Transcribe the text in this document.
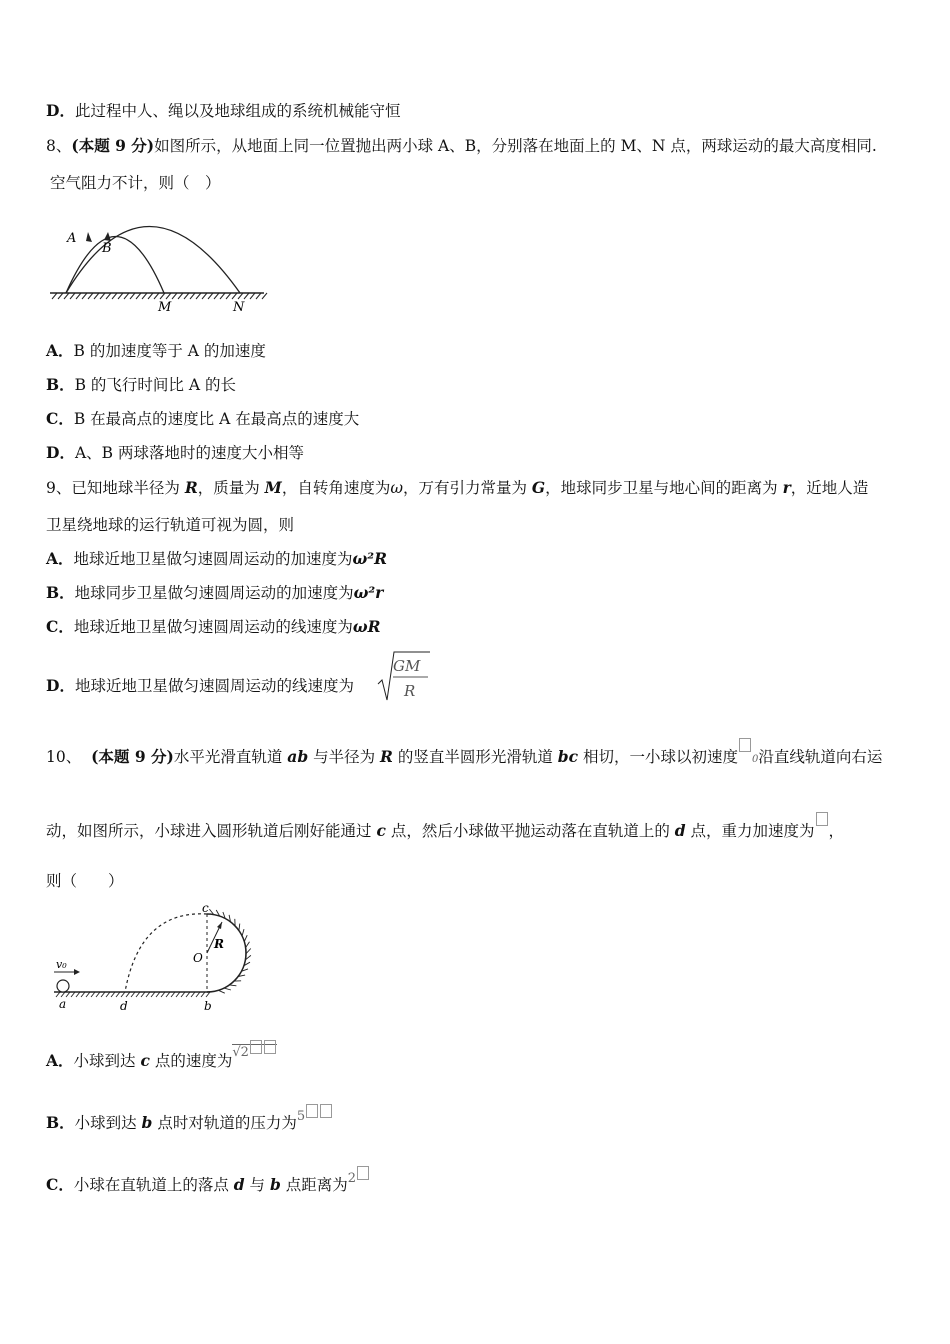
D．此过程中人、绳以及地球组成的系统机械能守恒
8、(本题 9 分)如图所示，从地面上同一位置抛出两小球 A、B，分别落在地面上的 M、N 点，两球运动的最大高度相同.
空气阻力不计，则（　）
A
B
M	N
A．B 的加速度等于 A 的加速度
B．B 的飞行时间比 A 的长
C．B 在最高点的速度比 A 在最高点的速度大
D．A、B 两球落地时的速度大小相等
9、已知地球半径为 R，质量为 M，自转角速度为ω，万有引力常量为 G，地球同步卫星与地心间的距离为 r，近地人造
卫星绕地球的运行轨道可视为圆，则
A．地球近地卫星做匀速圆周运动的加速度为ω²R
B．地球同步卫星做匀速圆周运动的加速度为ω²r
C．地球近地卫星做匀速圆周运动的线速度为ωR
D．地球近地卫星做匀速圆周运动的线速度为
GM
R
10、 (本题 9 分)水平光滑直轨道 ab 与半径为 R 的竖直半圆形光滑轨道 bc 相切，一小球以初速度 0沿直线轨道向右运
动，如图所示，小球进入圆形轨道后刚好能通过 c 点，然后小球做平抛运动落在直轨道上的 d 点，重力加速度为 ，
则（　　）
v₀
a	d	b
c
O
R
A．小球到达 c 点的速度为$^{√2}$
B．小球到达 b 点时对轨道的压力为$^5$
C．小球在直轨道上的落点 d 与 b 点距离为$^2$
